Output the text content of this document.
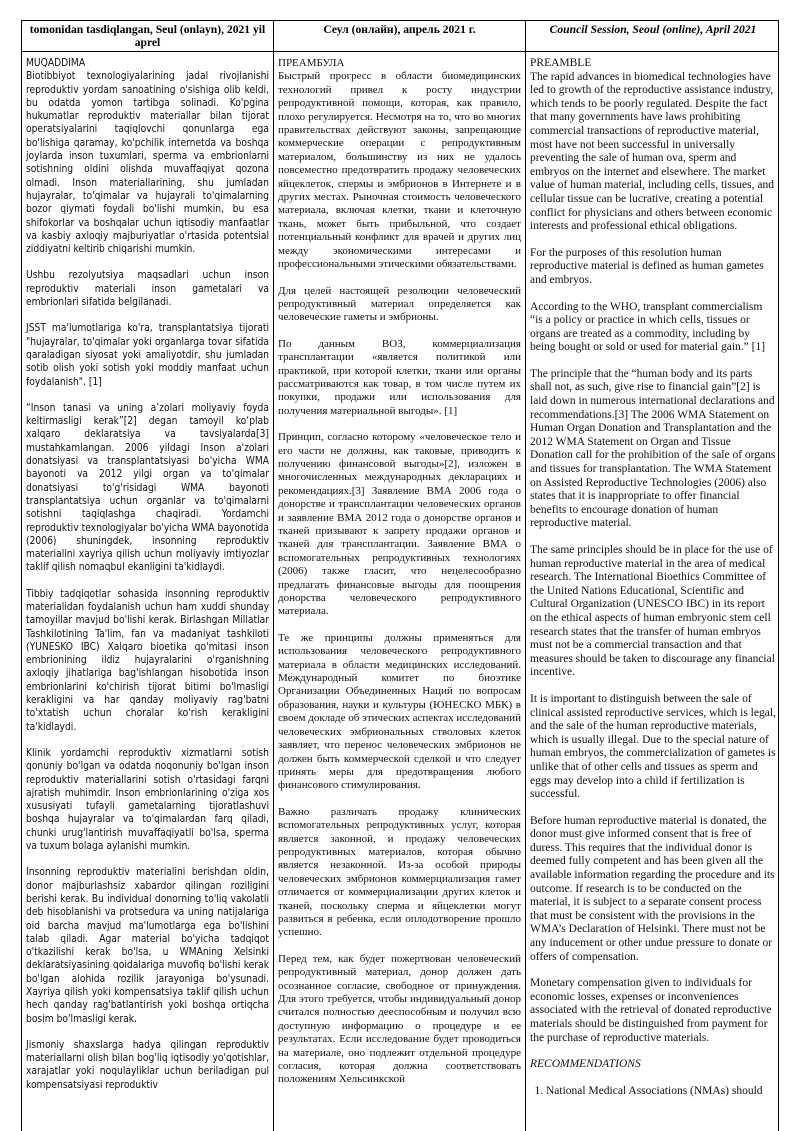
tomonidan tasdiqlangan, Seul (onlayn), 2021 yil aprel
MUQADDIMA

Biotibbiyot texnologiyalarining jadal rivojlanishi reproduktiv yordam sanoatining o'sishiga olib keldi, bu odatda yomon tartibga solinadi. Ko'pgina hukumatlar reproduktiv materiallar bilan tijorat operatsiyalarini taqiqlovchi qonunlarga ega bo'lishiga qaramay, ko'pchilik internetda va boshqa joylarda inson tuxumlari, sperma va embrionlarni sotishning oldini olishda muvaffaqiyat qozona olmadi. Inson materiallarining, shu jumladan hujayralar, to'qimalar va hujayrali to'qimalarning bozor qiymati foydali bo'lishi mumkin, bu esa shifokorlar va boshqalar uchun iqtisodiy manfaatlar va kasbiy axloqiy majburiyatlar o'rtasida potentsial ziddiyatni keltirib chiqarishi mumkin.

Ushbu rezolyutsiya maqsadlari uchun inson reproduktiv materiali inson gametalari va embrionlari sifatida belgilanadi.

JSST ma'lumotlariga ko'ra, transplantatsiya tijorati "hujayralar, to'qimalar yoki organlarga tovar sifatida qaraladigan siyosat yoki amaliyotdir, shu jumladan sotib olish yoki sotish yoki moddiy manfaat uchun foydalanish". [1]

“Inson tanasi va uning a’zolari moliyaviy foyda keltirmasligi kerak”[2] degan tamoyil ko‘plab xalqaro deklaratsiya va tavsiyalarda[3] mustahkamlangan. 2006 yildagi Inson a'zolari donatsiyasi va transplantatsiyasi bo'yicha WMA bayonoti va 2012 yilgi organ va to'qimalar donatsiyasi to'g'risidagi WMA bayonoti transplantatsiya uchun organlar va to'qimalarni sotishni taqiqlashga chaqiradi. Yordamchi reproduktiv texnologiyalar bo'yicha WMA bayonotida (2006) shuningdek, insonning reproduktiv materialini xayriya qilish uchun moliyaviy imtiyozlar taklif qilish nomaqbul ekanligini ta'kidlaydi.

Tibbiy tadqiqotlar sohasida insonning reproduktiv materialidan foydalanish uchun ham xuddi shunday tamoyillar mavjud bo'lishi kerak. Birlashgan Millatlar Tashkilotining Ta'lim, fan va madaniyat tashkiloti (YUNESKO IBC) Xalqaro bioetika qo'mitasi inson embrionining ildiz hujayralarini o'rganishning axloqiy jihatlariga bag'ishlangan hisobotida inson embrionlarini ko'chirish tijorat bitimi bo'lmasligi kerakligini va har qanday moliyaviy rag'batni to'xtatish uchun choralar ko'rish kerakligini ta'kidlaydi.

Klinik yordamchi reproduktiv xizmatlarni sotish qonuniy bo'lgan va odatda noqonuniy bo'lgan inson reproduktiv materiallarini sotish o'rtasidagi farqni ajratish muhimdir. Inson embrionlarining o'ziga xos xususiyati tufayli gametalarning tijoratlashuvi boshqa hujayralar va to'qimalardan farq qiladi, chunki urug'lantirish muvaffaqiyatli bo'lsa, sperma va tuxum bolaga aylanishi mumkin.

Insonning reproduktiv materialini berishdan oldin, donor majburlashsiz xabardor qilingan roziligini berishi kerak. Bu individual donorning to'liq vakolatli deb hisoblanishi va protsedura va uning natijalariga oid barcha mavjud ma'lumotlarga ega bo'lishini talab qiladi. Agar material bo'yicha tadqiqot o'tkazilishi kerak bo'lsa, u WMAning Xelsinki deklaratsiyasining qoidalariga muvofiq bo'lishi kerak bo'lgan alohida rozilik jarayoniga bo'ysunadi. Xayriya qilish yoki kompensatsiya taklif qilish uchun hech qanday rag'batlantirish yoki boshqa ortiqcha bosim bo'lmasligi kerak.

Jismoniy shaxslarga hadya qilingan reproduktiv materiallarni olish bilan bog'liq iqtisodiy yo'qotishlar, xarajatlar yoki noqulayliklar uchun beriladigan pul kompensatsiyasi reproduktiv

Сеул (онлайн), апрель 2021 г.
ПРЕАМБУЛА

Быстрый прогресс в области биомедицинских технологий привел к росту индустрии репродуктивной помощи, которая, как правило, плохо регулируется. Несмотря на то, что во многих правительствах действуют законы, запрещающие коммерческие операции с репродуктивным материалом, большинству из них не удалось повсеместно предотвратить продажу человеческих яйцеклеток, спермы и эмбрионов в Интернете и в других местах. Рыночная стоимость человеческого материала, включая клетки, ткани и клеточную ткань, может быть прибыльной, что создает потенциальный конфликт для врачей и других лиц между экономическими интересами и профессиональными этическими обязательствами.

Для целей настоящей резолюции человеческий репродуктивный материал определяется как человеческие гаметы и эмбрионы.

По данным ВОЗ, коммерциализация трансплантации «является политикой или практикой, при которой клетки, ткани или органы рассматриваются как товар, в том числе путем их покупки, продажи или использования для получения материальной выгоды». [1]

Принцип, согласно которому «человеческое тело и его части не должны, как таковые, приводить к получению финансовой выгоды»[2], изложен в многочисленных международных декларациях и рекомендациях.[3] Заявление ВМА 2006 года о донорстве и трансплантации человеческих органов и заявление ВМА 2012 года о донорстве органов и тканей призывают к запрету продажи органов и тканей для трансплантации. Заявление ВМА о вспомогательных репродуктивных технологиях (2006) также гласит, что нецелесообразно предлагать финансовые выгоды для поощрения донорства человеческого репродуктивного материала.

Те же принципы должны применяться для использования человеческого репродуктивного материала в области медицинских исследований. Международный комитет по биоэтике Организации Объединенных Наций по вопросам образования, науки и культуры (ЮНЕСКО МБК) в своем докладе об этических аспектах исследований человеческих эмбриональных стволовых клеток заявляет, что перенос человеческих эмбрионов не должен быть коммерческой сделкой и что следует принять меры для предотвращения любого финансового стимулирования.

Важно различать продажу клинических вспомогательных репродуктивных услуг, которая является законной, и продажу человеческих репродуктивных материалов, которая обычно является незаконной. Из-за особой природы человеческих эмбрионов коммерциализация гамет отличается от коммерциализации других клеток и тканей, поскольку сперма и яйцеклетки могут развиться в ребенка, если оплодотворение прошло успешно.

Перед тем, как будет пожертвован человеческий репродуктивный материал, донор должен дать осознанное согласие, свободное от принуждения. Для этого требуется, чтобы индивидуальный донор считался полностью дееспособным и получил всю доступную информацию о процедуре и ее результатах. Если исследование будет проводиться на материале, оно подлежит отдельной процедуре согласия, которая должна соответствовать положениям Хельсинкской

Council Session, Seoul (online), April 2021
PREAMBLE

The rapid advances in biomedical technologies have led to growth of the reproductive assistance industry, which tends to be poorly regulated. Despite the fact that many governments have laws prohibiting commercial transactions of reproductive material, most have not been successful in universally preventing the sale of human ova, sperm and embryos on the internet and elsewhere. The market value of human material, including cells, tissues, and cellular tissue can be lucrative, creating a potential conflict for physicians and others between economic interests and professional ethical obligations.

For the purposes of this resolution human reproductive material is defined as human gametes and embryos.

According to the WHO, transplant commercialism “is a policy or practice in which cells, tissues or organs are treated as a commodity, including by being bought or sold or used for material gain.” [1]

The principle that the “human body and its parts shall not, as such, give rise to financial gain”[2] is laid down in numerous international declarations and recommendations.[3] The 2006 WMA Statement on Human Organ Donation and Transplantation and the 2012 WMA Statement on Organ and Tissue Donation call for the prohibition of the sale of organs and tissues for transplantation. The WMA Statement on Assisted Reproductive Technologies (2006) also states that it is inappropriate to offer financial benefits to encourage donation of human reproductive material.

The same principles should be in place for the use of human reproductive material in the area of medical research. The International Bioethics Committee of the United Nations Educational, Scientific and Cultural Organization (UNESCO IBC) in its report on the ethical aspects of human embryonic stem cell research states that the transfer of human embryos must not be a commercial transaction and that measures should be taken to discourage any financial incentive.

It is important to distinguish between the sale of clinical assisted reproductive services, which is legal, and the sale of the human reproductive materials, which is usually illegal. Due to the special nature of human embryos, the commercialization of gametes is unlike that of other cells and tissues as sperm and eggs may develop into a child if fertilization is successful.

Before human reproductive material is donated, the donor must give informed consent that is free of duress. This requires that the individual donor is deemed fully competent and has been given all the available information regarding the procedure and its outcome. If research is to be conducted on the material, it is subject to a separate consent process that must be consistent with the provisions in the WMA’s Declaration of Helsinki. There must not be any inducement or other undue pressure to donate or offers of compensation.

Monetary compensation given to individuals for economic losses, expenses or inconveniences associated with the retrieval of donated reproductive materials should be distinguished from payment for the purchase of reproductive materials.

RECOMMENDATIONS
1. National Medical Associations (NMAs) should
